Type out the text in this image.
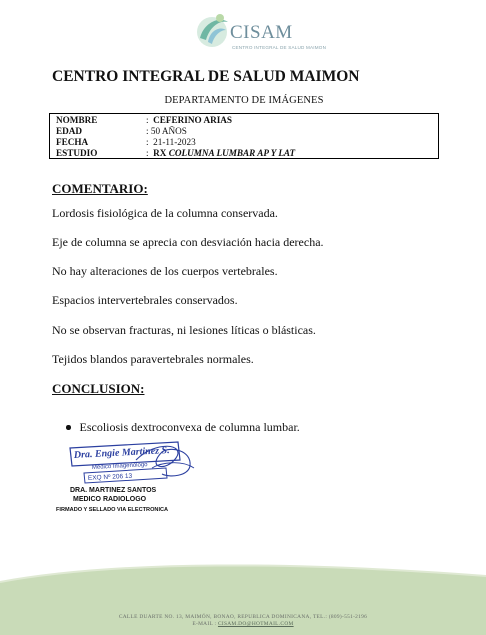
CISAM
CENTRO INTEGRAL DE SALUD MAIMON
CENTRO INTEGRAL DE SALUD MAIMON
DEPARTAMENTO DE IMÁGENES
NOMBRE	: CEFERINO ARIAS
EDAD	: 50 AÑOS
FECHA	: 21-11-2023
ESTUDIO	: RX COLUMNA LUMBAR AP Y LAT
COMENTARIO:
Lordosis fisiológica de la columna conservada.
Eje de columna se aprecia con desviación hacia derecha.
No hay alteraciones de los cuerpos vertebrales.
Espacios intervertebrales conservados.
No se observan fracturas, ni lesiones líticas o blásticas.
Tejidos blandos paravertebrales normales.
CONCLUSION:
Escoliosis dextroconvexa de columna lumbar.
Dra. Engie Martinez S.
Medico Imagenólogo
EXQ Nº 206 13
DRA. MARTINEZ SANTOS
MEDICO RADIOLOGO
FIRMADO Y SELLADO VIA ELECTRONICA
CALLE DUARTE NO. 13, MAIMÓN, BONAO, REPUBLICA DOMINICANA, TEL.: (809)-551-2196
E-MAIL : CISAM.DO@HOTMAIL.COM
